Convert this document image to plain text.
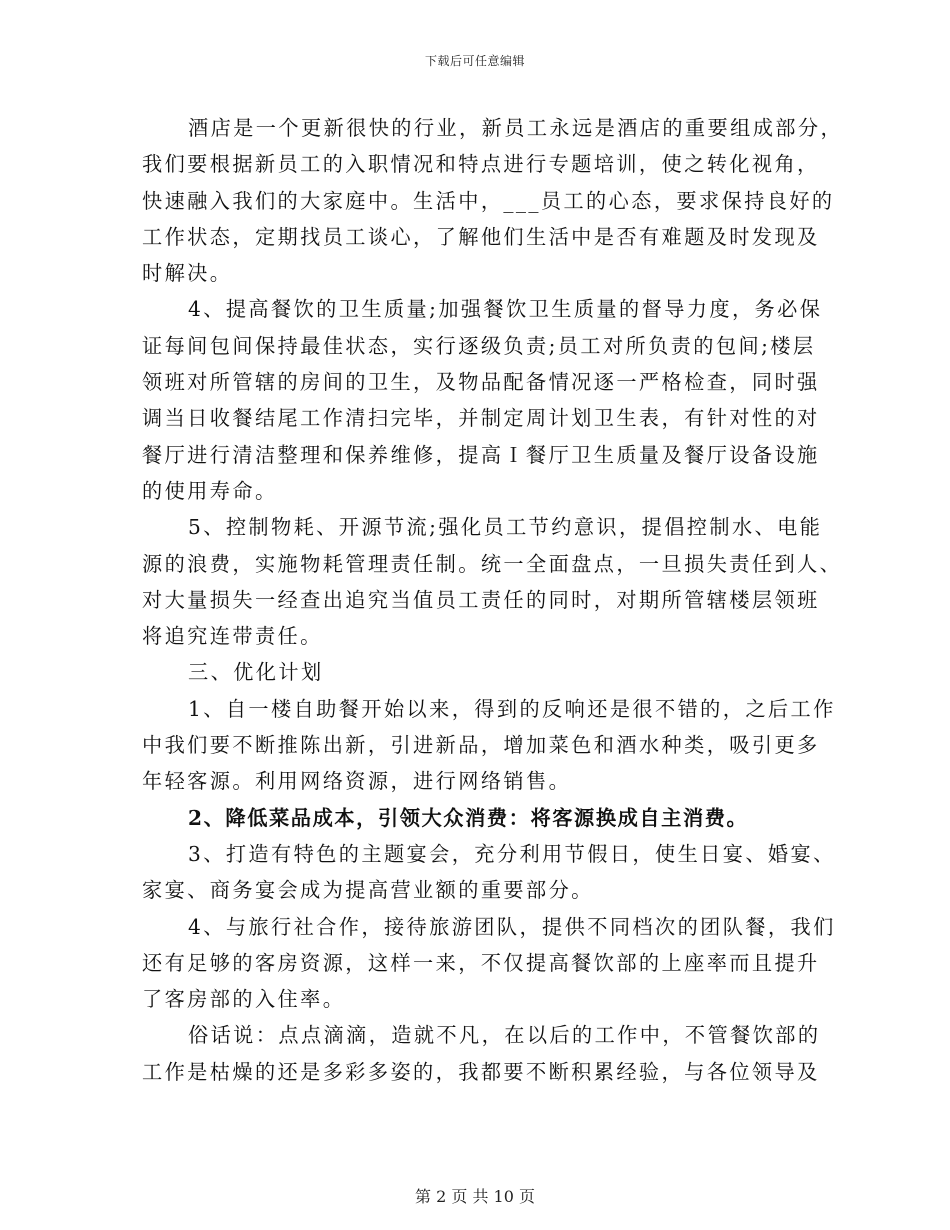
下载后可任意编辑
酒店是一个更新很快的行业，新员工永远是酒店的重要组成部分，
我们要根据新员工的入职情况和特点进行专题培训，使之转化视角，
快速融入我们的大家庭中。生活中，___员工的心态，要求保持良好的
工作状态，定期找员工谈心，了解他们生活中是否有难题及时发现及
时解决。
4、提高餐饮的卫生质量;加强餐饮卫生质量的督导力度，务必保
证每间包间保持最佳状态，实行逐级负责;员工对所负责的包间;楼层
领班对所管辖的房间的卫生，及物品配备情况逐一严格检查，同时强
调当日收餐结尾工作清扫完毕，并制定周计划卫生表，有针对性的对
餐厅进行清洁整理和保养维修，提高Ｉ餐厅卫生质量及餐厅设备设施
的使用寿命。
5、控制物耗、开源节流;强化员工节约意识，提倡控制水、电能
源的浪费，实施物耗管理责任制。统一全面盘点，一旦损失责任到人、
对大量损失一经查出追究当值员工责任的同时，对期所管辖楼层领班
将追究连带责任。
三、优化计划
1、自一楼自助餐开始以来，得到的反响还是很不错的，之后工作
中我们要不断推陈出新，引进新品，增加菜色和酒水种类，吸引更多
年轻客源。利用网络资源，进行网络销售。
2、降低菜品成本，引领大众消费：将客源换成自主消费。
3、打造有特色的主题宴会，充分利用节假日，使生日宴、婚宴、
家宴、商务宴会成为提高营业额的重要部分。
4、与旅行社合作，接待旅游团队，提供不同档次的团队餐，我们
还有足够的客房资源，这样一来，不仅提高餐饮部的上座率而且提升
了客房部的入住率。
俗话说：点点滴滴，造就不凡，在以后的工作中，不管餐饮部的
工作是枯燥的还是多彩多姿的，我都要不断积累经验，与各位领导及
第 2 页 共 10 页
